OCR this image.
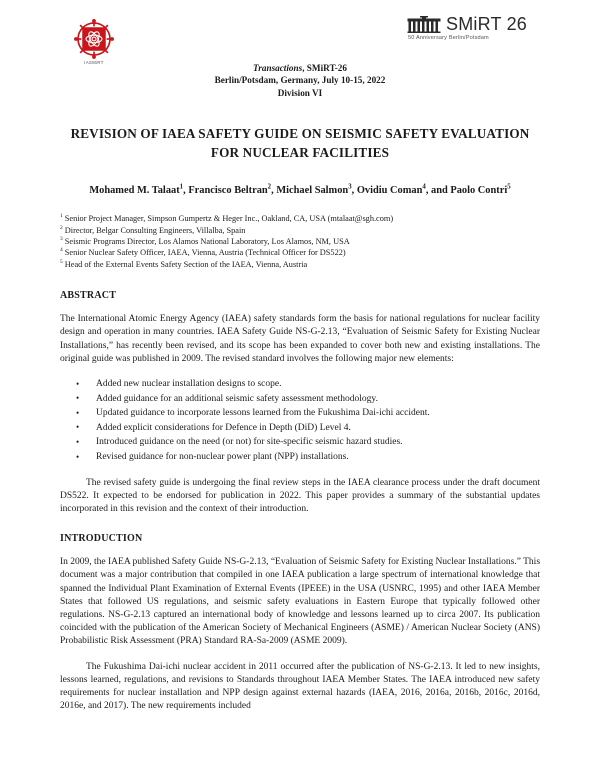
IASMiRT
SMiRT 26
50 Anniversary Berlin/Potsdam
Transactions, SMiRT-26
Berlin/Potsdam, Germany, July 10-15, 2022
Division VI
REVISION OF IAEA SAFETY GUIDE ON SEISMIC SAFETY EVALUATION FOR NUCLEAR FACILITIES
Mohamed M. Talaat$^1$, Francisco Beltran$^2$, Michael Salmon$^3$, Ovidiu Coman$^4$, and Paolo Contri$^5$
$^1$ Senior Project Manager, Simpson Gumpertz & Heger Inc., Oakland, CA, USA (mtalaat@sgh.com)
$^2$ Director, Belgar Consulting Engineers, Villalba, Spain
$^3$ Seismic Programs Director, Los Alamos National Laboratory, Los Alamos, NM, USA
$^4$ Senior Nuclear Safety Officer, IAEA, Vienna, Austria (Technical Officer for DS522)
$^5$ Head of the External Events Safety Section of the IAEA, Vienna, Austria
ABSTRACT
The International Atomic Energy Agency (IAEA) safety standards form the basis for national regulations for nuclear facility design and operation in many countries. IAEA Safety Guide NS-G-2.13, “Evaluation of Seismic Safety for Existing Nuclear Installations,” has recently been revised, and its scope has been expanded to cover both new and existing installations. The original guide was published in 2009. The revised standard involves the following major new elements:
• Added new nuclear installation designs to scope.
• Added guidance for an additional seismic safety assessment methodology.
• Updated guidance to incorporate lessons learned from the Fukushima Dai-ichi accident.
• Added explicit considerations for Defence in Depth (DiD) Level 4.
• Introduced guidance on the need (or not) for site-specific seismic hazard studies.
• Revised guidance for non-nuclear power plant (NPP) installations.
The revised safety guide is undergoing the final review steps in the IAEA clearance process under the draft document DS522. It expected to be endorsed for publication in 2022. This paper provides a summary of the substantial updates incorporated in this revision and the context of their introduction.
INTRODUCTION
In 2009, the IAEA published Safety Guide NS-G-2.13, “Evaluation of Seismic Safety for Existing Nuclear Installations.” This document was a major contribution that compiled in one IAEA publication a large spectrum of international knowledge that spanned the Individual Plant Examination of External Events (IPEEE) in the USA (USNRC, 1995) and other IAEA Member States that followed US regulations, and seismic safety evaluations in Eastern Europe that typically followed other regulations. NS-G-2.13 captured an international body of knowledge and lessons learned up to circa 2007. Its publication coincided with the publication of the American Society of Mechanical Engineers (ASME) / American Nuclear Society (ANS) Probabilistic Risk Assessment (PRA) Standard RA-Sa-2009 (ASME 2009).
The Fukushima Dai-ichi nuclear accident in 2011 occurred after the publication of NS-G-2.13. It led to new insights, lessons learned, regulations, and revisions to Standards throughout IAEA Member States. The IAEA introduced new safety requirements for nuclear installation and NPP design against external hazards (IAEA, 2016, 2016a, 2016b, 2016c, 2016d, 2016e, and 2017). The new requirements included
